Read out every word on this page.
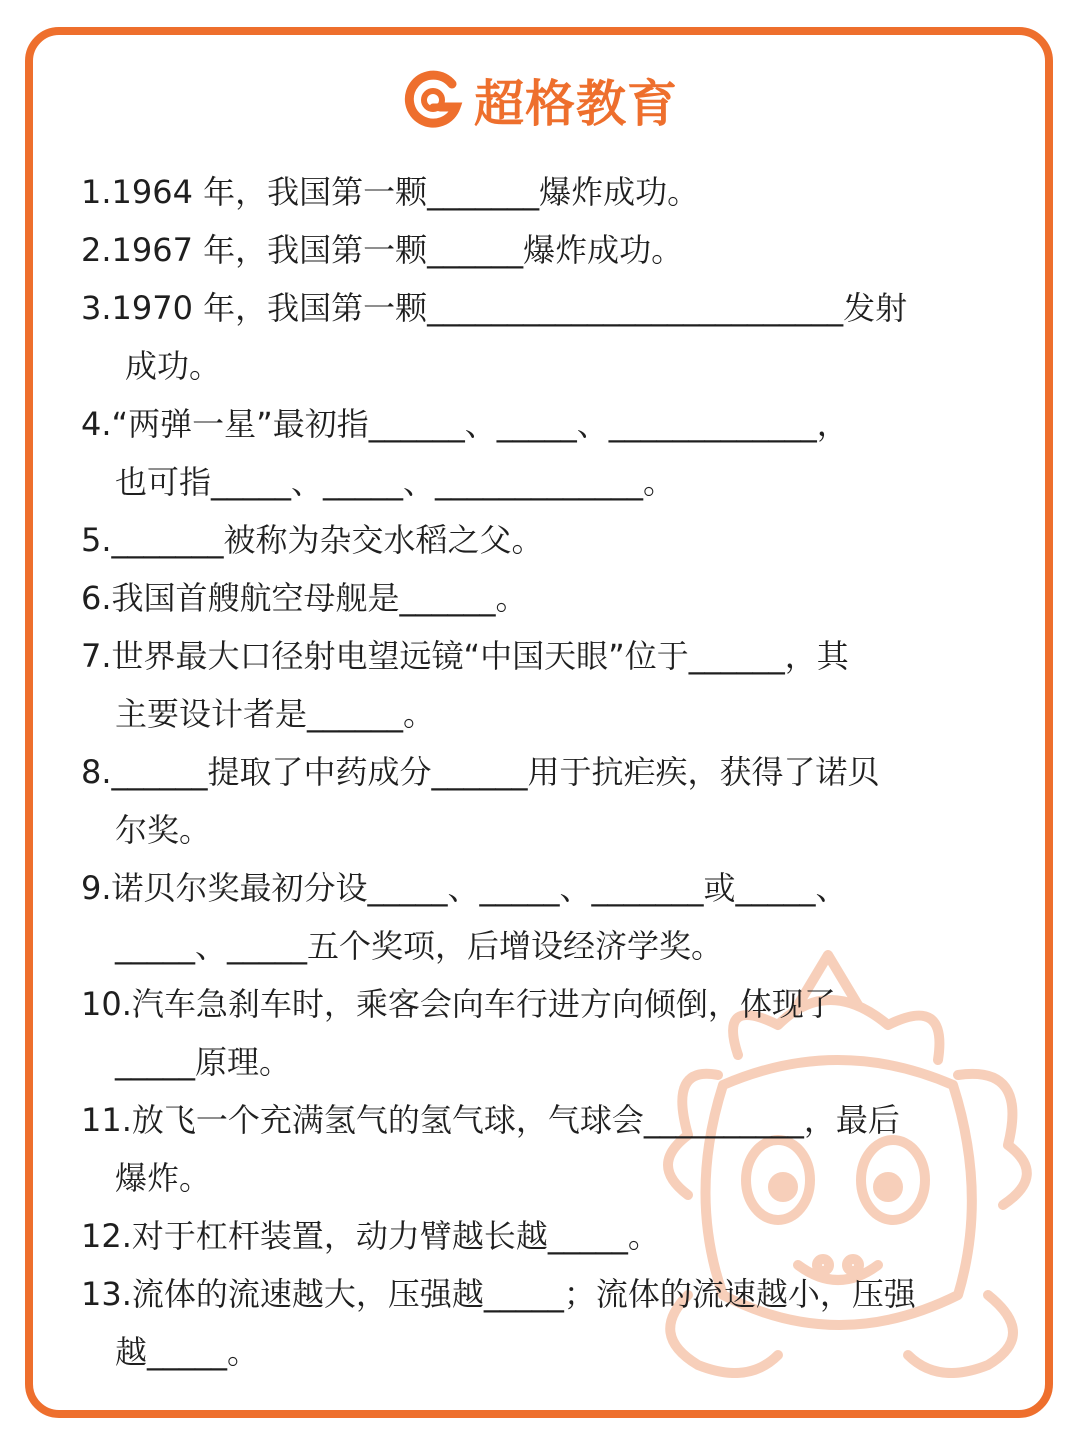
超格教育
1.1964 年，我国第一颗_______爆炸成功。
2.1967 年，我国第一颗______爆炸成功。
3.1970 年，我国第一颗__________________________发射
成功。
4.“两弹一星”最初指______、_____、_____________，
也可指_____、_____、_____________。
5._______被称为杂交水稻之父。
6.我国首艘航空母舰是______。
7.世界最大口径射电望远镜“中国天眼”位于______，其
主要设计者是______。
8.______提取了中药成分______用于抗疟疾，获得了诺贝
尔奖。
9.诺贝尔奖最初分设_____、_____、_______或_____、
_____、_____五个奖项，后增设经济学奖。
10.汽车急刹车时，乘客会向车行进方向倾倒，体现了
_____原理。
11.放飞一个充满氢气的氢气球，气球会__________，最后
爆炸。
12.对于杠杆装置，动力臂越长越_____。
13.流体的流速越大，压强越_____；流体的流速越小，压强
越_____。
